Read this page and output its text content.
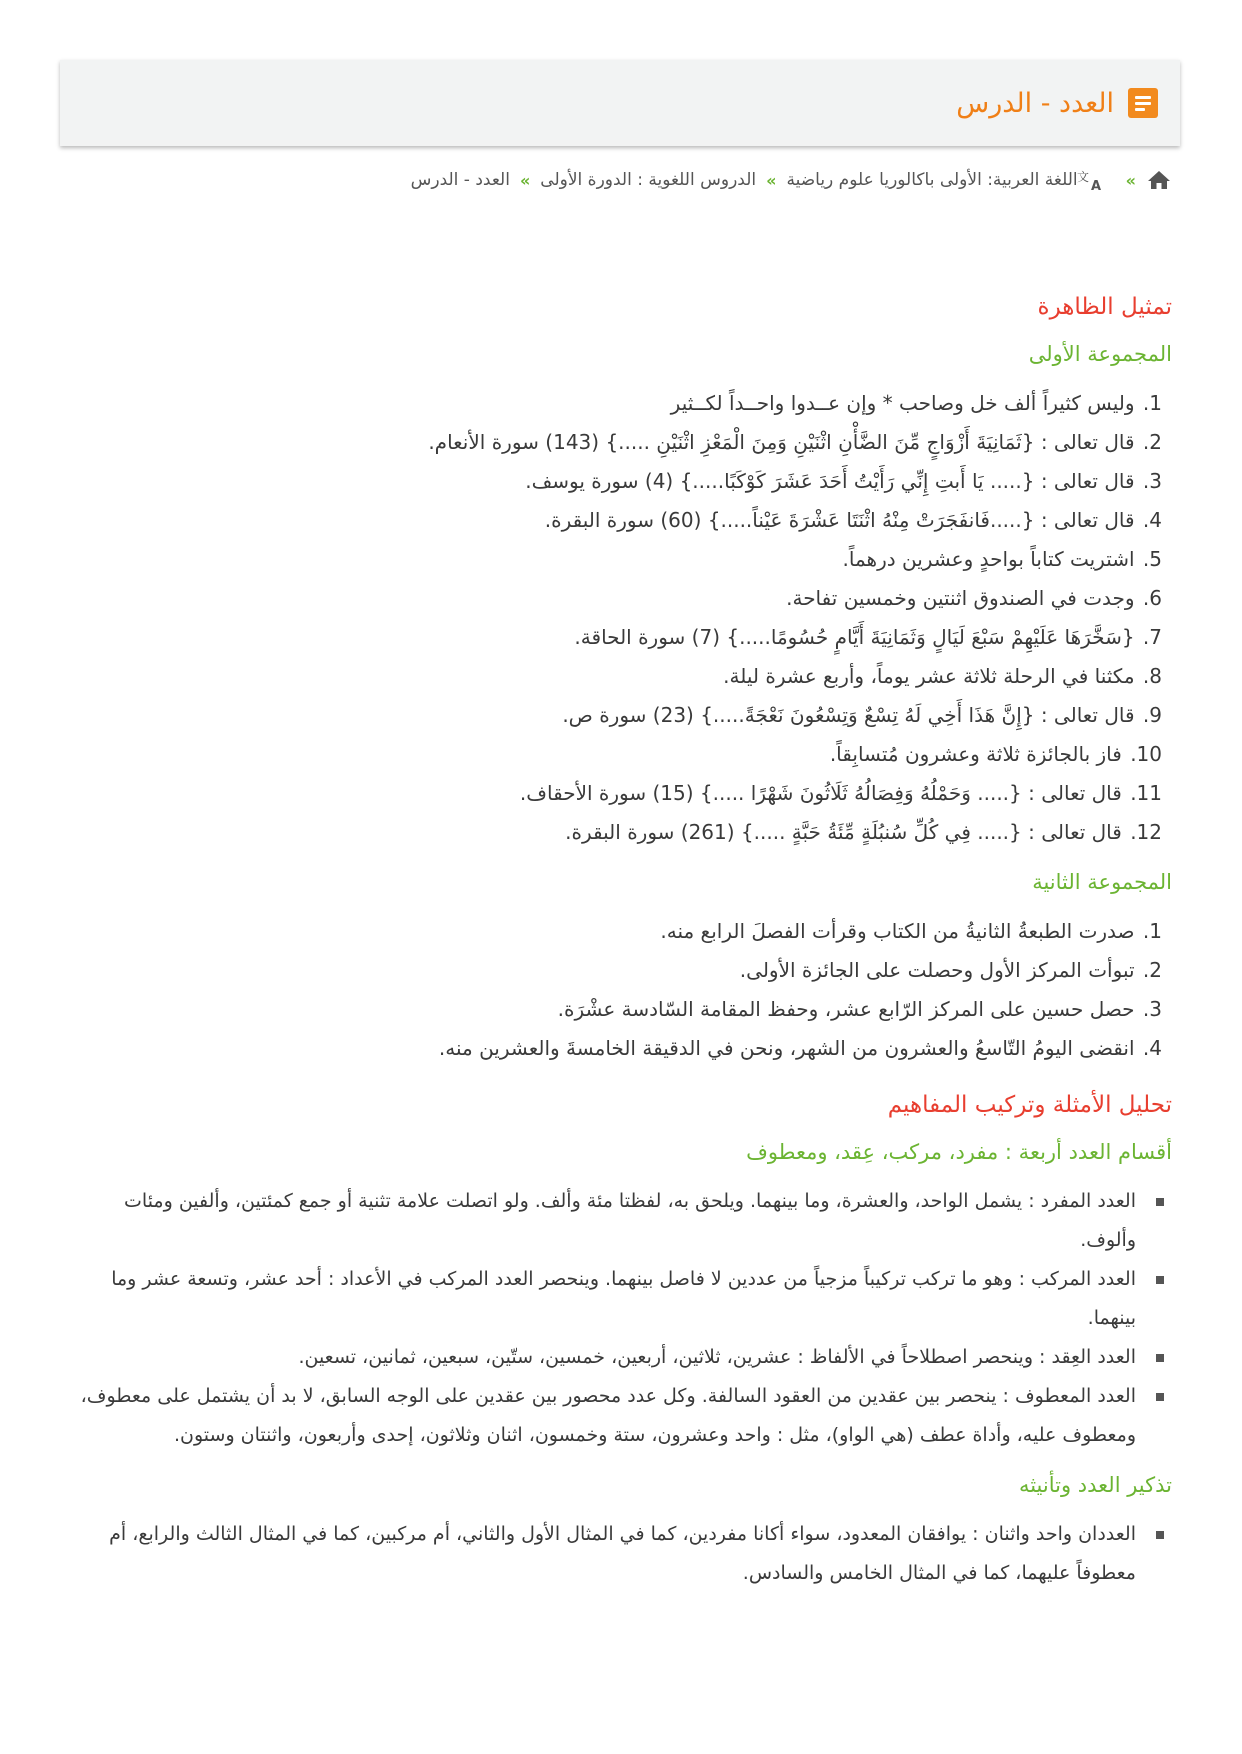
العدد - الدرس
»
文
A
اللغة العربية: الأولى باكالوريا علوم رياضية
»
الدروس اللغوية : الدورة الأولى
»
العدد - الدرس
تمثيل الظاهرة
المجموعة الأولى
1. وليس كثيراً ألف خل وصاحب * وإن عــدوا واحــداً لكــثير
2. قال تعالى : {ثَمَانِيَةَ أَزْوَاجٍ مِّنَ الضَّأْنِ اثْنَيْنِ وَمِنَ الْمَعْزِ اثْنَيْنِ .....} (143) سورة الأنعام.
3. قال تعالى : {..... يَا أَبتِ إِنِّي رَأَيْتُ أَحَدَ عَشَرَ كَوْكَبًا.....} (4) سورة يوسف.
4. قال تعالى : {.....فَانفَجَرَتْ مِنْهُ اثْنَتَا عَشْرَةَ عَيْناً.....} (60) سورة البقرة.
5. اشتريت كتاباً بواحدٍ وعشرين درهماً.
6. وجدت في الصندوق اثنتين وخمسين تفاحة.
7. {سَخَّرَهَا عَلَيْهِمْ سَبْعَ لَيَالٍ وَثَمَانِيَةَ أَيَّامٍ حُسُومًا.....} (7) سورة الحاقة.
8. مكثنا في الرحلة ثلاثة عشر يوماً، وأربع عشرة ليلة.
9. قال تعالى : {إِنَّ هَذَا أَخِي لَهُ تِسْعٌ وَتِسْعُونَ نَعْجَةً.....} (23) سورة ص.
10. فاز بالجائزة ثلاثة وعشرون مُتسابِقاً.
11. قال تعالى : {..... وَحَمْلُهُ وَفِصَالُهُ ثَلَاثُونَ شَهْرًا .....} (15) سورة الأحقاف.
12. قال تعالى : {..... فِي كُلِّ سُنبُلَةٍ مِّئَةُ حَبَّةٍ .....} (261) سورة البقرة.
المجموعة الثانية
1. صدرت الطبعةُ الثانيةُ من الكتاب وقرأت الفصلَ الرابع منه.
2. تبوأت المركز الأول وحصلت على الجائزة الأولى.
3. حصل حسين على المركز الرّابع عشر، وحفظ المقامة السّادسة عشْرَة.
4. انقضى اليومُ التّاسعُ والعشرون من الشهر، ونحن في الدقيقة الخامسةَ والعشرين منه.
تحليل الأمثلة وتركيب المفاهيم
أقسام العدد أربعة : مفرد، مركب، عِقد، ومعطوف
العدد المفرد : يشمل الواحد، والعشرة، وما بينهما. ويلحق به، لفظتا مئة وألف. ولو اتصلت علامة تثنية أو جمع كمئتين، وألفين ومئات وألوف.
العدد المركب : وهو ما تركب تركيباً مزجياً من عددين لا فاصل بينهما. وينحصر العدد المركب في الأعداد : أحد عشر، وتسعة عشر وما بينهما.
العدد العِقد : وينحصر اصطلاحاً في الألفاظ : عشرين، ثلاثين، أربعين، خمسين، ستّين، سبعين، ثمانين، تسعين.
العدد المعطوف : ينحصر بين عقدين من العقود السالفة. وكل عدد محصور بين عقدين على الوجه السابق، لا بد أن يشتمل على معطوف، ومعطوف عليه، وأداة عطف (هي الواو)، مثل : واحد وعشرون، ستة وخمسون، اثنان وثلاثون، إحدى وأربعون، واثنتان وستون.
تذكير العدد وتأنيثه
العددان واحد واثنان : يوافقان المعدود، سواء أكانا مفردين، كما في المثال الأول والثاني، أم مركبين، كما في المثال الثالث والرابع، أم معطوفاً عليهما، كما في المثال الخامس والسادس.
